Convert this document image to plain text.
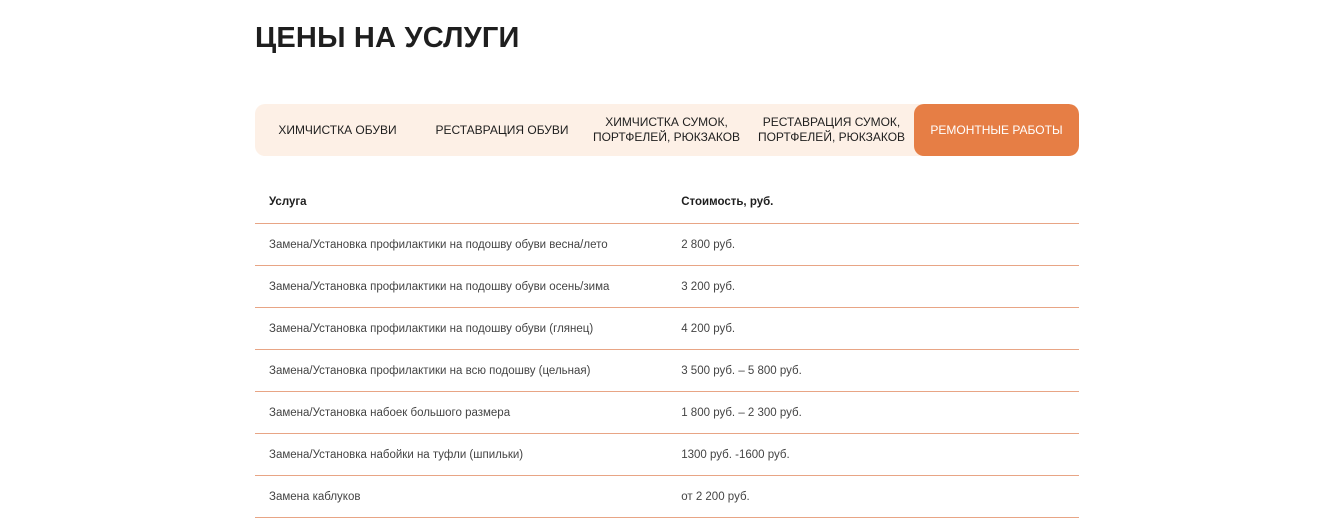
ЦЕНЫ НА УСЛУГИ
ХИМЧИСТКА ОБУВИ	РЕСТАВРАЦИЯ ОБУВИ
ХИМЧИСТКА СУМОК,
ПОРТФЕЛЕЙ, РЮКЗАКОВ
РЕСТАВРАЦИЯ СУМОК,
ПОРТФЕЛЕЙ, РЮКЗАКОВ
РЕМОНТНЫЕ РАБОТЫ
Услуга	Стоимость, руб.
Замена/Установка профилактики на подошву обуви весна/лето	2 800 руб.
Замена/Установка профилактики на подошву обуви осень/зима	3 200 руб.
Замена/Установка профилактики на подошву обуви (глянец)	4 200 руб.
Замена/Установка профилактики на всю подошву (цельная)	3 500 руб. – 5 800 руб.
Замена/Установка набоек большого размера	1 800 руб. – 2 300 руб.
Замена/Установка набойки на туфли (шпильки)	1300 руб. -1600 руб.
Замена каблуков	от 2 200 руб.
